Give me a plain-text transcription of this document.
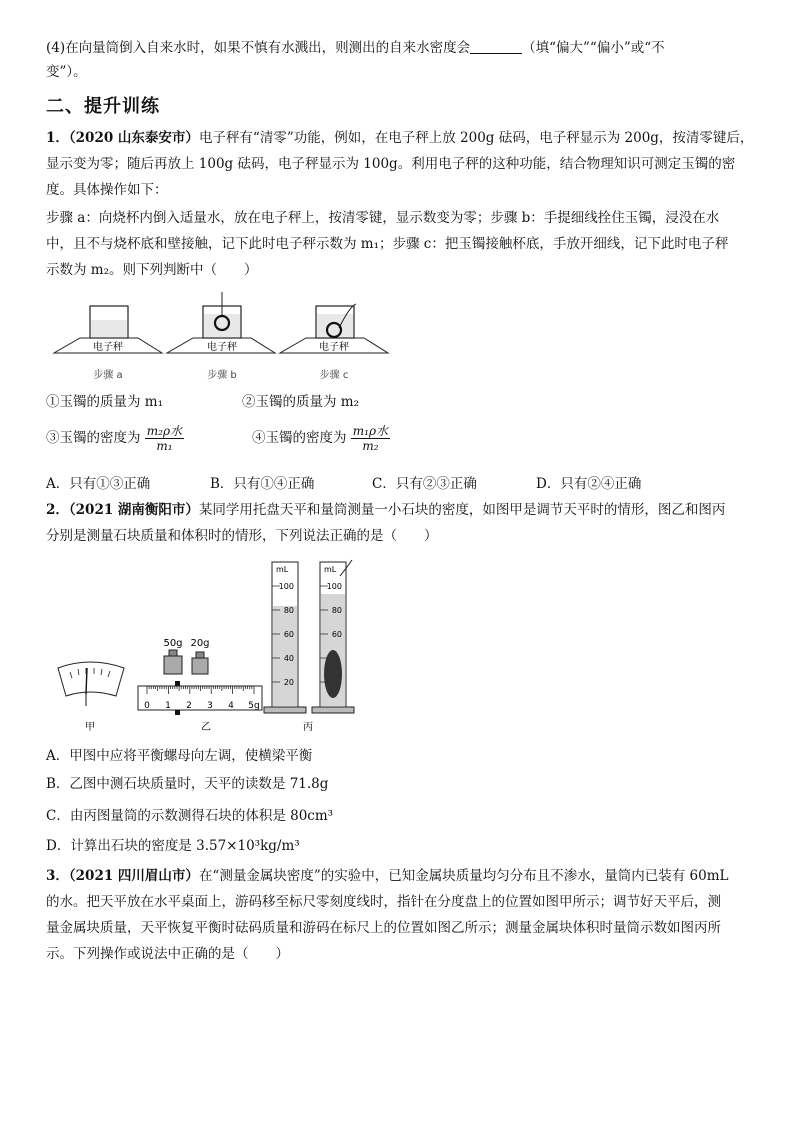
(4)在向量筒倒入自来水时，如果不慎有水溅出，则测出的自来水密度会	（填“偏大”“偏小”或“不
变”）。
二、提升训练
1．（2020 山东泰安市）电子秤有“清零”功能，例如，在电子秤上放 200g 砝码，电子秤显示为 200g，按清零键后，
显示变为零；随后再放上 100g 砝码，电子秤显示为 100g。利用电子秤的这种功能，结合物理知识可测定玉镯的密
度。具体操作如下：
步骤 a：向烧杯内倒入适量水，放在电子秤上，按清零键，显示数变为零；步骤 b：手提细线拴住玉镯，浸没在水
中，且不与烧杯底和壁接触，记下此时电子秤示数为 m₁；步骤 c：把玉镯接触杯底，手放开细线，记下此时电子秤
示数为 m₂。则下列判断中（　　）
电子秤	电子秤	电子秤
步骤 a	步骤 b	步骤 c
①玉镯的质量为 m₁	②玉镯的质量为 m₂
③玉镯的密度为 $\frac{\text{m₂ρ水}}{\text{m₁}}$	④玉镯的密度为 $\frac{\text{m₁ρ水}}{\text{m₂}}$
A．只有①③正确	B．只有①④正确	C．只有②③正确	D．只有②④正确
2．（2021 湖南衡阳市）某同学用托盘天平和量筒测量一小石块的密度，如图甲是调节天平时的情形，图乙和图丙
分别是测量石块质量和体积时的情形，下列说法正确的是（　　）
50g 20g
0 1 2 3 4 5g
mL
100
80
60
40
20
mL
100
80
60
甲	乙	丙
A．甲图中应将平衡螺母向左调，使横梁平衡
B．乙图中测石块质量时，天平的读数是 71.8g
C．由丙图量筒的示数测得石块的体积是 80cm³
D．计算出石块的密度是 3.57×10³kg/m³
3．（2021 四川眉山市）在“测量金属块密度”的实验中，已知金属块质量均匀分布且不渗水，量筒内已装有 60mL
的水。把天平放在水平桌面上，游码移至标尺零刻度线时，指针在分度盘上的位置如图甲所示；调节好天平后，测
量金属块质量，天平恢复平衡时砝码质量和游码在标尺上的位置如图乙所示；测量金属块体积时量筒示数如图丙所
示。下列操作或说法中正确的是（　　）
